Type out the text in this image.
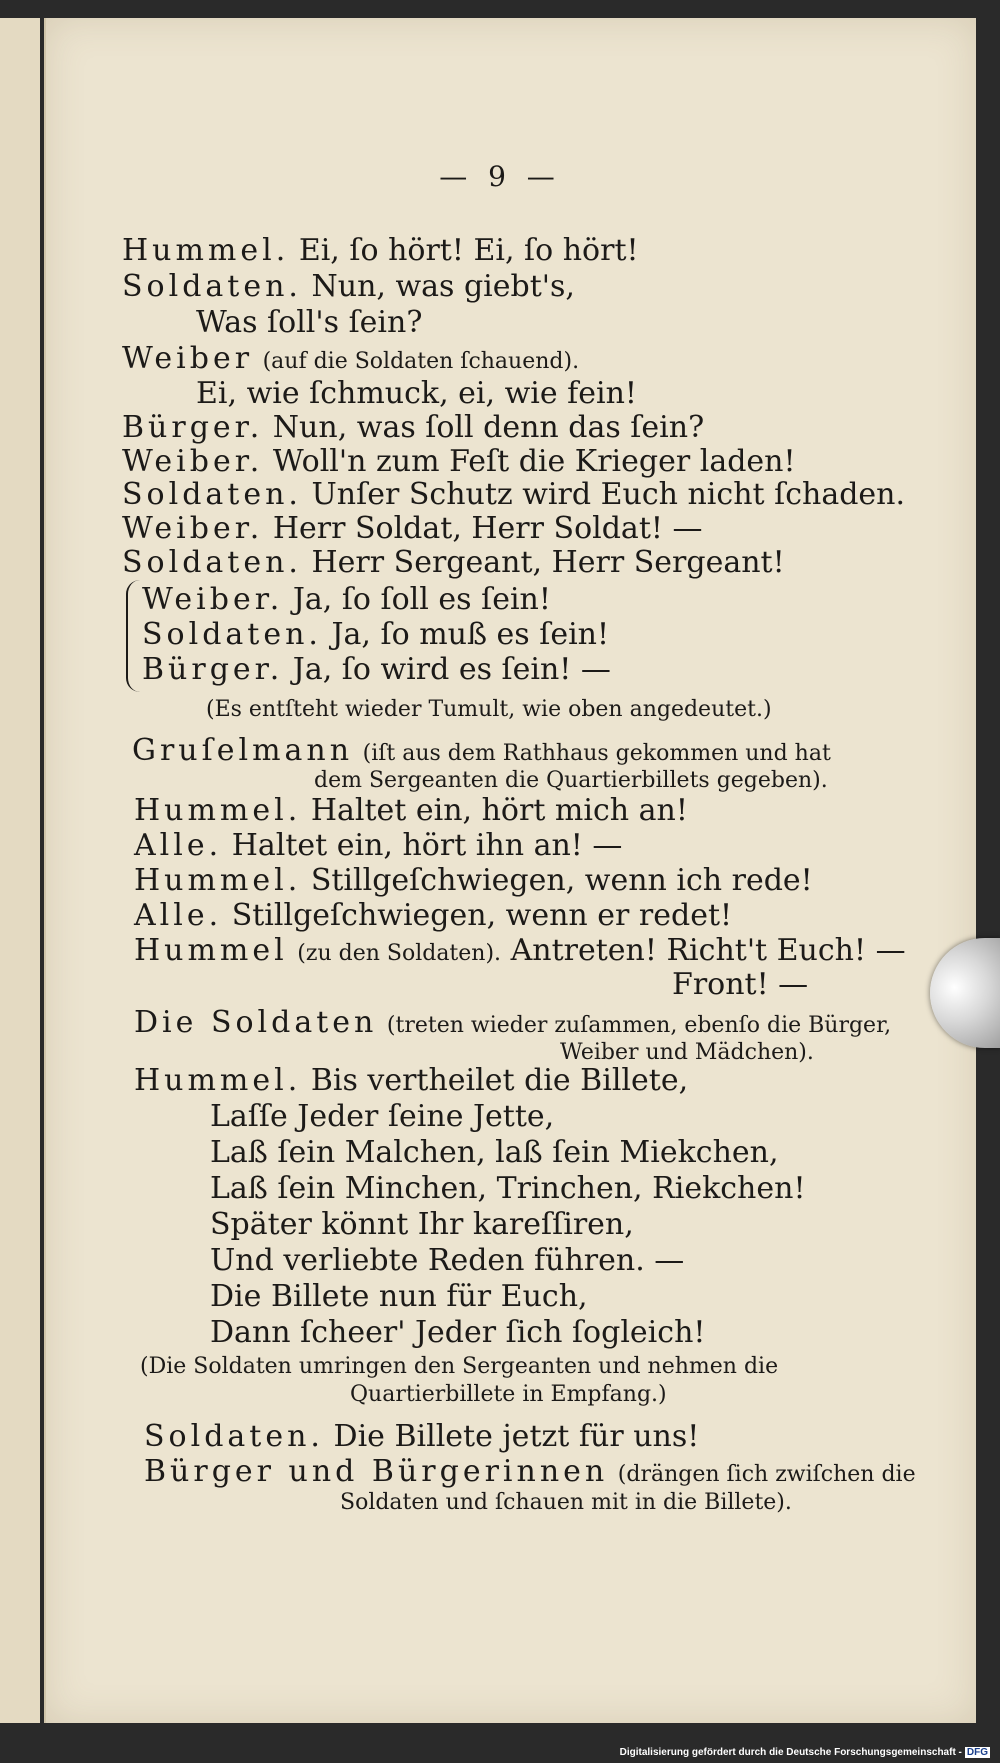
— 9 —
Hummel. Ei, ſo hört! Ei, ſo hört!
Soldaten. Nun, was giebt's,
Was ſoll's ſein?
Weiber (auf die Soldaten ſchauend).
Ei, wie ſchmuck, ei, wie fein!
Bürger. Nun, was ſoll denn das ſein?
Weiber. Woll'n zum Feſt die Krieger laden!
Soldaten. Unſer Schutz wird Euch nicht ſchaden.
Weiber. Herr Soldat, Herr Soldat! —
Soldaten. Herr Sergeant, Herr Sergeant!
Weiber. Ja, ſo ſoll es ſein!
Soldaten. Ja, ſo muß es ſein!
Bürger. Ja, ſo wird es ſein! —
(Es entſteht wieder Tumult, wie oben angedeutet.)
Gruſelmann (iſt aus dem Rathhaus gekommen und hat
dem Sergeanten die Quartierbillets gegeben).
Hummel. Haltet ein, hört mich an!
Alle. Haltet ein, hört ihn an! —
Hummel. Stillgeſchwiegen, wenn ich rede!
Alle. Stillgeſchwiegen, wenn er redet!
Hummel (zu den Soldaten). Antreten! Richt't Euch! —
Front! —
Die Soldaten (treten wieder zuſammen, ebenſo die Bürger,
Weiber und Mädchen).
Hummel. Bis vertheilet die Billete,
Laſſe Jeder ſeine Jette,
Laß ſein Malchen, laß ſein Miekchen,
Laß ſein Minchen, Trinchen, Riekchen!
Später könnt Ihr kareſſiren,
Und verliebte Reden führen. —
Die Billete nun für Euch,
Dann ſcheer' Jeder ſich ſogleich!
(Die Soldaten umringen den Sergeanten und nehmen die
Quartierbillete in Empfang.)
Soldaten. Die Billete jetzt für uns!
Bürger und Bürgerinnen (drängen ſich zwiſchen die
Soldaten und ſchauen mit in die Billete).
Digitalisierung gefördert durch die Deutsche Forschungsgemeinschaft - DFG
